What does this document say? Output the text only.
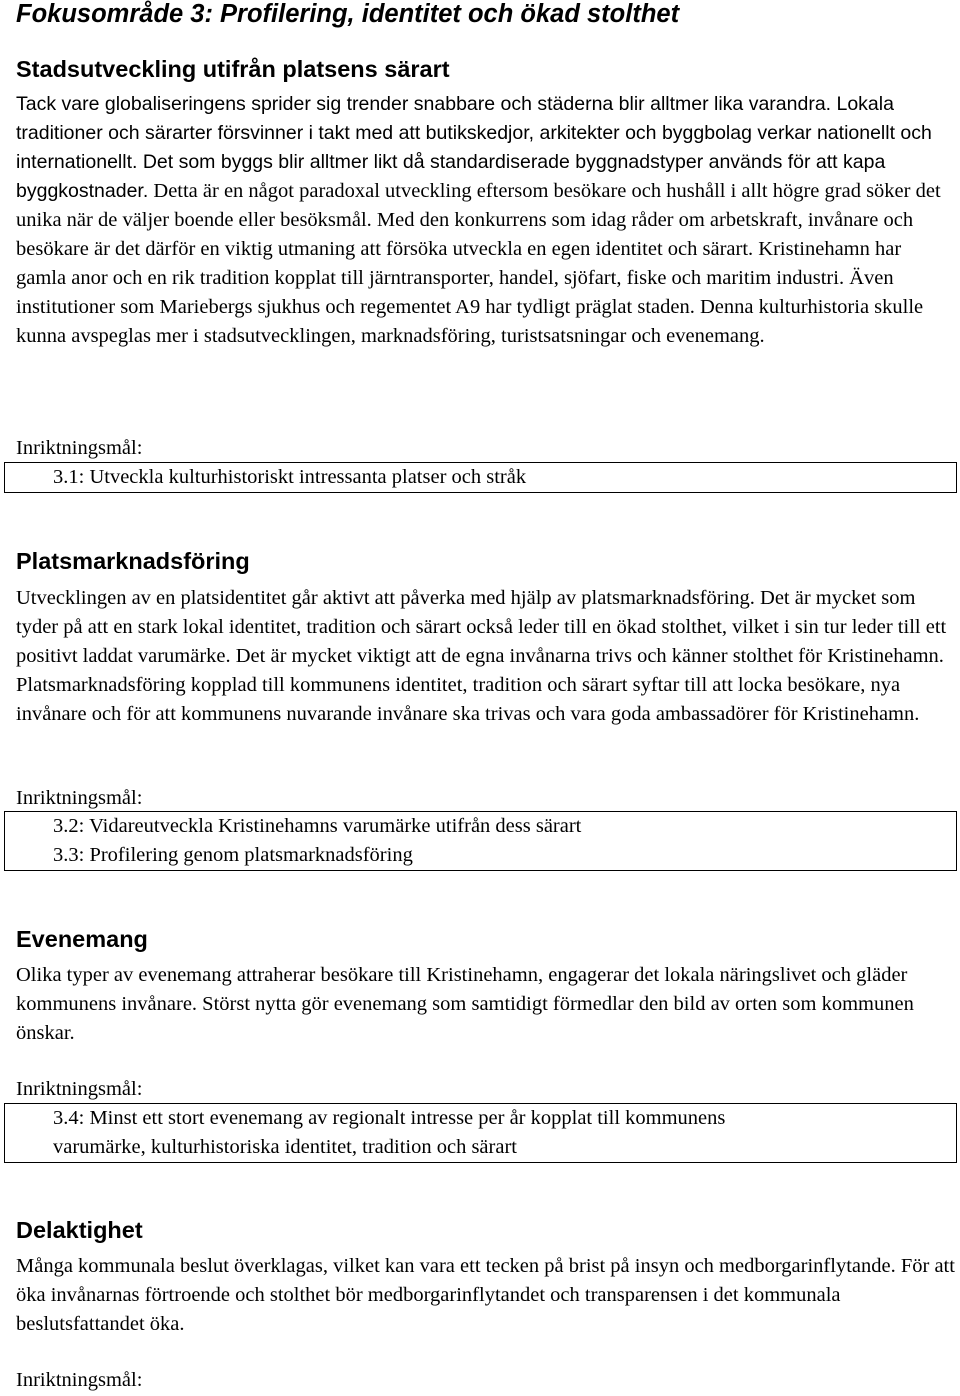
Fokusområde 3: Profilering, identitet och ökad stolthet
Stadsutveckling utifrån platsens särart

Tack vare globaliseringens sprider sig trender snabbare och städerna blir alltmer lika varandra. Lokala traditioner och särarter försvinner i takt med att butikskedjor, arkitekter och byggbolag verkar nationellt och internationellt. Det som byggs blir alltmer likt då standardiserade byggnadstyper används för att kapa byggkostnader. Detta är en något paradoxal utveckling eftersom besökare och hushåll i allt högre grad söker det unika när de väljer boende eller besöksmål. Med den konkurrens som idag råder om arbetskraft, invånare och besökare är det därför en viktig utmaning att försöka utveckla en egen identitet och särart. Kristinehamn har gamla anor och en rik tradition kopplat till järntransporter, handel, sjöfart, fiske och maritim industri. Även institutioner som Mariebergs sjukhus och regementet A9 har tydligt präglat staden. Denna kulturhistoria skulle kunna avspeglas mer i stadsutvecklingen, marknadsföring, turistsatsningar och evenemang.

Inriktningsmål:

3.1: Utveckla kulturhistoriskt intressanta platser och stråk
Platsmarknadsföring

Utvecklingen av en platsidentitet går aktivt att påverka med hjälp av platsmarknadsföring. Det är mycket som tyder på att en stark lokal identitet, tradition och särart också leder till en ökad stolthet, vilket i sin tur leder till ett positivt laddat varumärke. Det är mycket viktigt att de egna invånarna trivs och känner stolthet för Kristinehamn. Platsmarknadsföring kopplad till kommunens identitet, tradition och särart syftar till att locka besökare, nya invånare och för att kommunens nuvarande invånare ska trivas och vara goda ambassadörer för Kristinehamn.

Inriktningsmål:

3.2: Vidareutveckla Kristinehamns varumärke utifrån dess särart
3.3: Profilering genom platsmarknadsföring
Evenemang

Olika typer av evenemang attraherar besökare till Kristinehamn, engagerar det lokala näringslivet och gläder kommunens invånare. Störst nytta gör evenemang som samtidigt förmedlar den bild av orten som kommunen önskar.

Inriktningsmål:

3.4: Minst ett stort evenemang av regionalt intresse per år kopplat till kommunens
varumärke, kulturhistoriska identitet, tradition och särart
Delaktighet

Många kommunala beslut överklagas, vilket kan vara ett tecken på brist på insyn och medborgarinflytande. För att öka invånarnas förtroende och stolthet bör medborgarinflytandet och transparensen i det kommunala beslutsfattandet öka.

Inriktningsmål:
